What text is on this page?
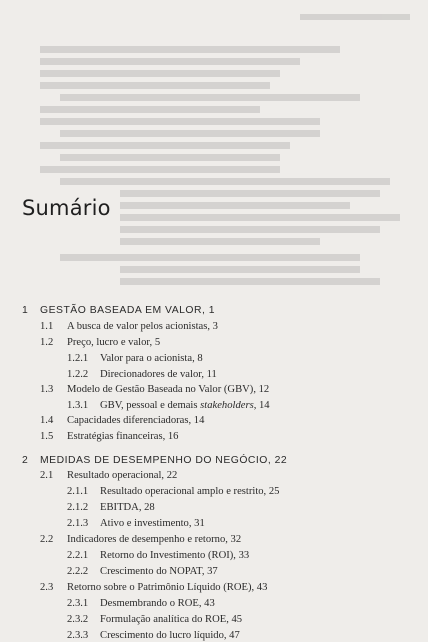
Sumário
1 GESTÃO BASEADA EM VALOR, 1
1.1 A busca de valor pelos acionistas, 3
1.2 Preço, lucro e valor, 5
1.2.1 Valor para o acionista, 8
1.2.2 Direcionadores de valor, 11
1.3 Modelo de Gestão Baseada no Valor (GBV), 12
1.3.1 GBV, pessoal e demais stakeholders, 14
1.4 Capacidades diferenciadoras, 14
1.5 Estratégias financeiras, 16
2 MEDIDAS DE DESEMPENHO DO NEGÓCIO, 22
2.1 Resultado operacional, 22
2.1.1 Resultado operacional amplo e restrito, 25
2.1.2 EBITDA, 28
2.1.3 Ativo e investimento, 31
2.2 Indicadores de desempenho e retorno, 32
2.2.1 Retorno do Investimento (ROI), 33
2.2.2 Crescimento do NOPAT, 37
2.3 Retorno sobre o Patrimônio Líquido (ROE), 43
2.3.1 Desmembrando o ROE, 43
2.3.2 Formulação analítica do ROE, 45
2.3.3 Crescimento do lucro líquido, 47
